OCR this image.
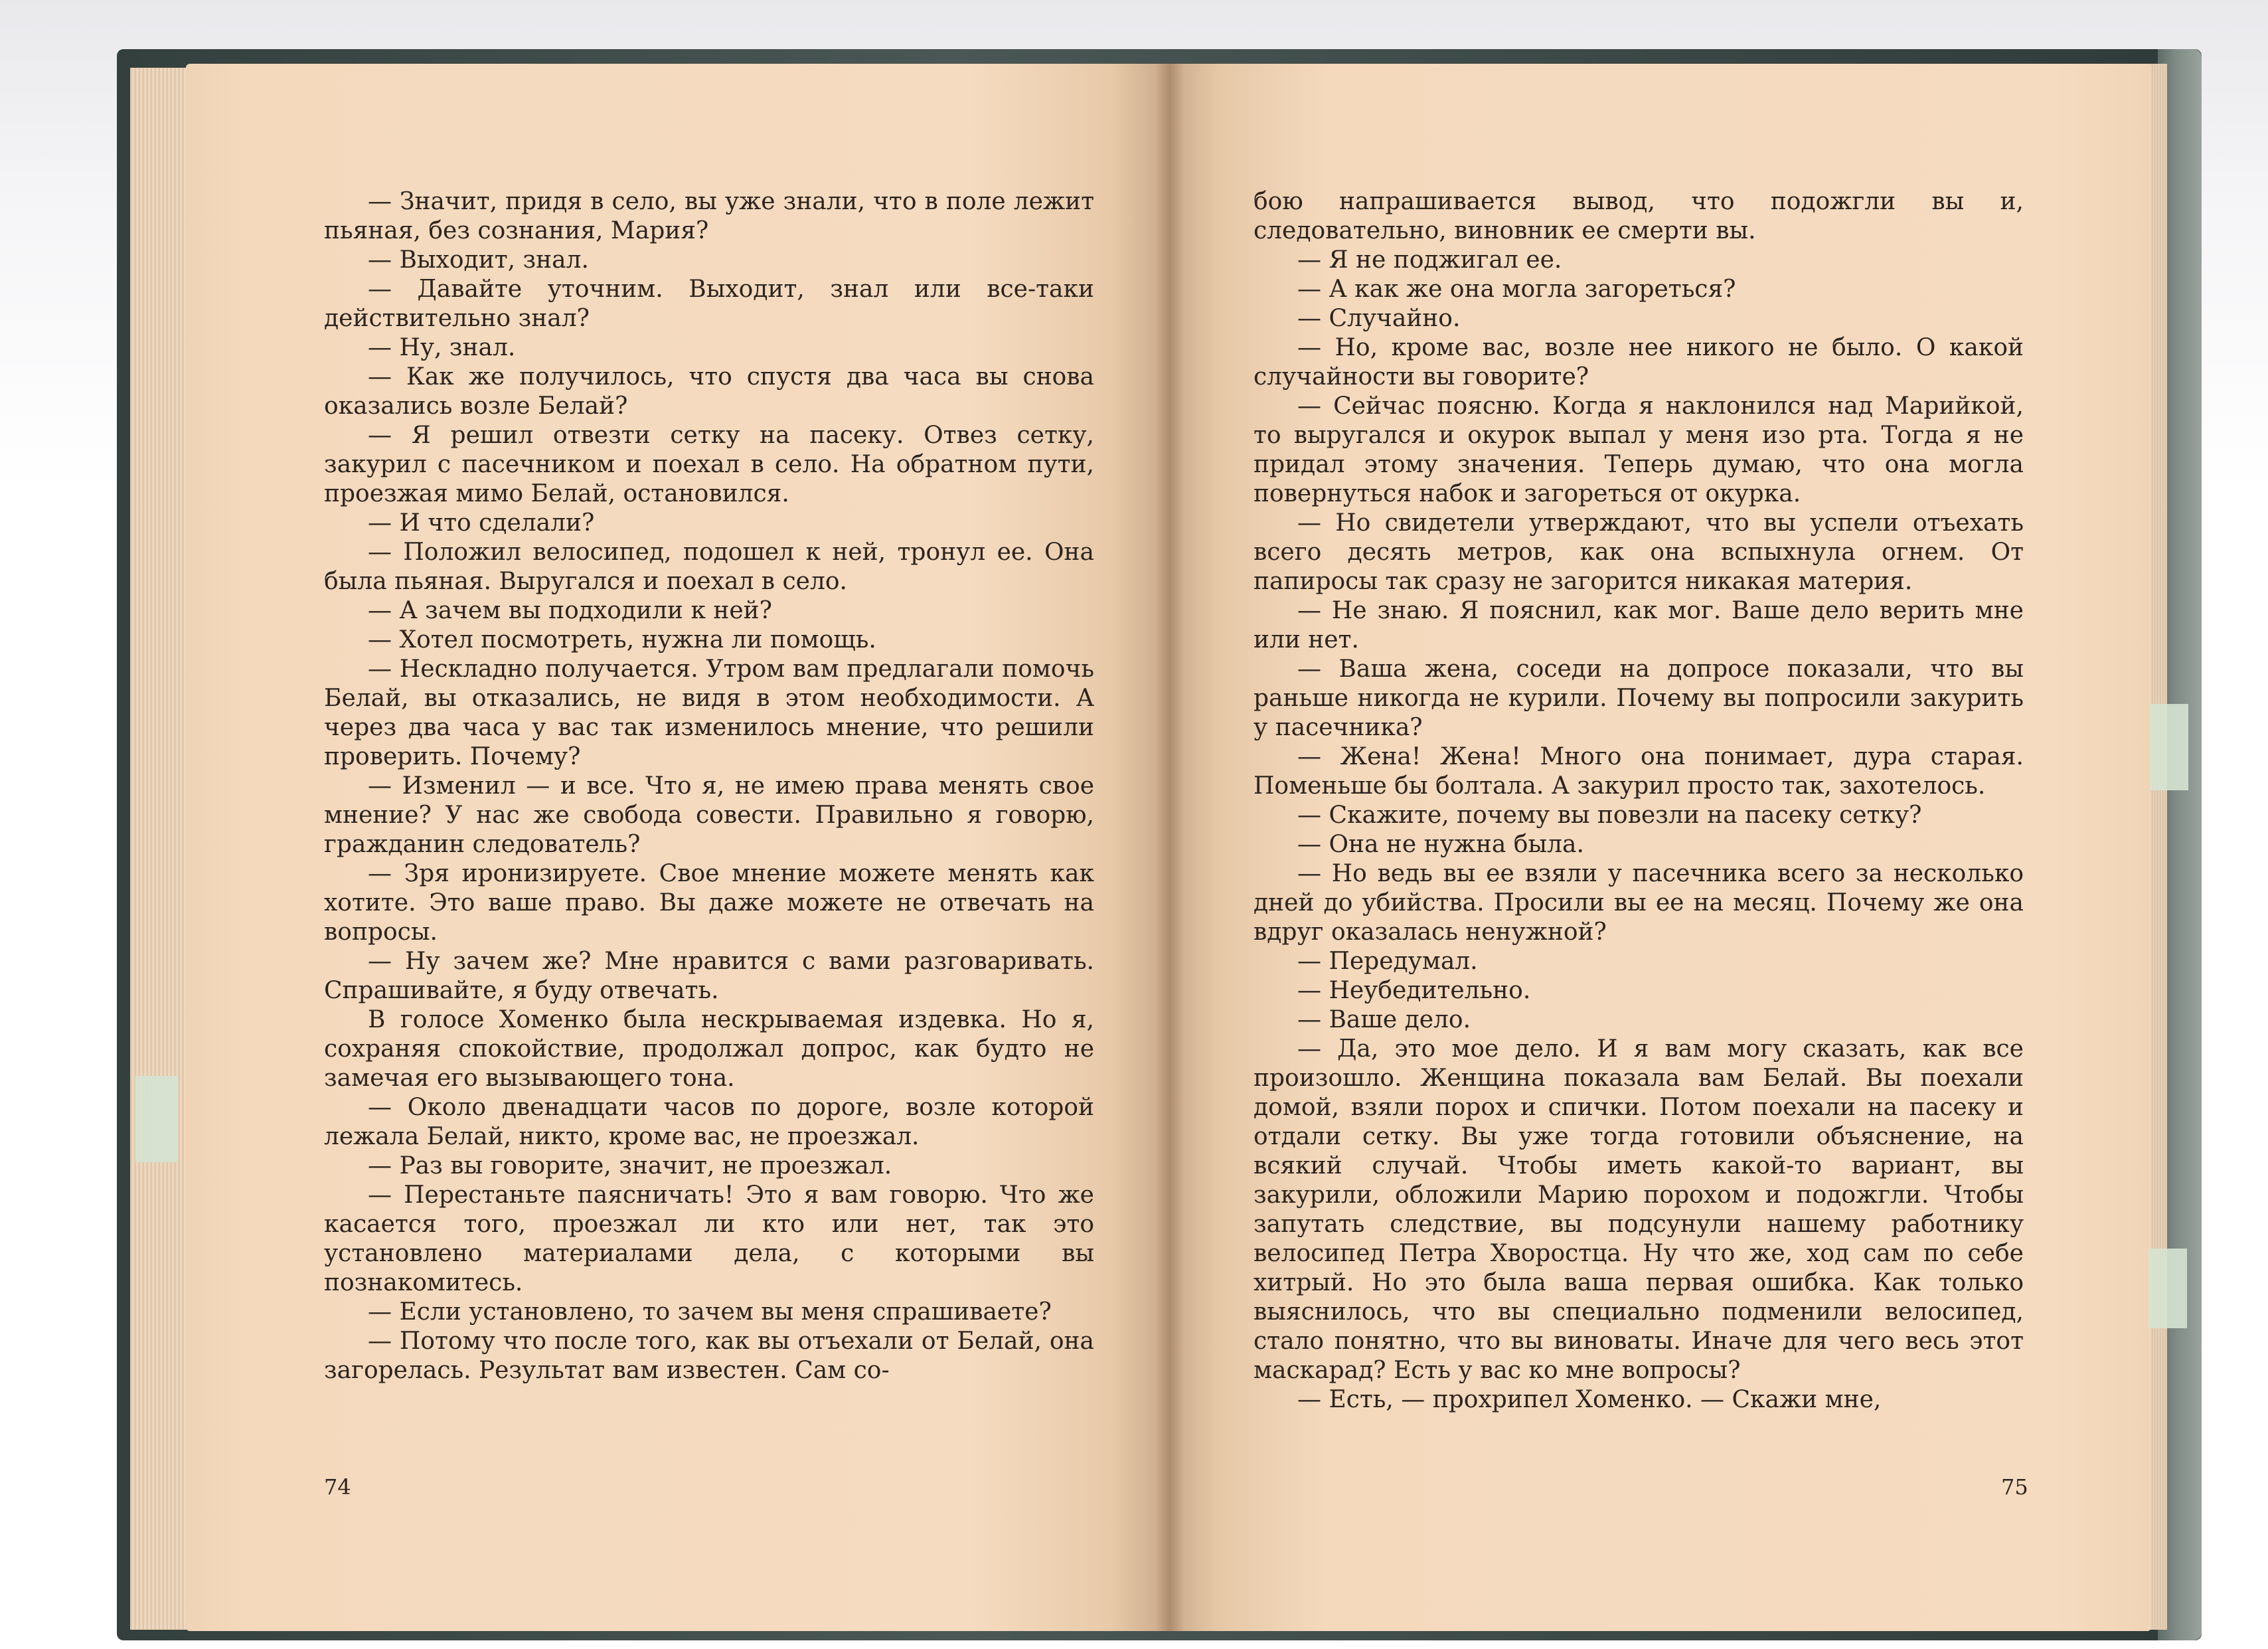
— Значит, придя в село, вы уже знали, что в поле лежит пьяная, без сознания, Мария?

— Выходит, знал.

— Давайте уточним. Выходит, знал или все-таки действительно знал?

— Ну, знал.

— Как же получилось, что спустя два часа вы снова оказались возле Белай?

— Я решил отвезти сетку на пасеку. Отвез сетку, закурил с пасечником и поехал в село. На обратном пути, проезжая мимо Белай, остановился.

— И что сделали?

— Положил велосипед, подошел к ней, тронул ее. Она была пьяная. Выругался и поехал в село.

— А зачем вы подходили к ней?

— Хотел посмотреть, нужна ли помощь.

— Нескладно получается. Утром вам предлагали помочь Белай, вы отказались, не видя в этом необходимости. А через два часа у вас так изменилось мнение, что решили проверить. Почему?

— Изменил — и все. Что я, не имею права менять свое мнение? У нас же свобода совести. Правильно я говорю, гражданин следователь?

— Зря иронизируете. Свое мнение можете менять как хотите. Это ваше право. Вы даже можете не отвечать на вопросы.

— Ну зачем же? Мне нравится с вами разговаривать. Спрашивайте, я буду отвечать.

В голосе Хоменко была нескрываемая издевка. Но я, сохраняя спокойствие, продолжал допрос, как будто не замечая его вызывающего тона.

— Около двенадцати часов по дороге, возле которой лежала Белай, никто, кроме вас, не проезжал.

— Раз вы говорите, значит, не проезжал.

— Перестаньте паясничать! Это я вам говорю. Что же касается того, проезжал ли кто или нет, так это установлено материалами дела, с которыми вы познакомитесь.

— Если установлено, то зачем вы меня спрашиваете?

— Потому что после того, как вы отъехали от Белай, она загорелась. Результат вам известен. Сам со-

бою напрашивается вывод, что подожгли вы и, следовательно, виновник ее смерти вы.

— Я не поджигал ее.

— А как же она могла загореться?

— Случайно.

— Но, кроме вас, возле нее никого не было. О какой случайности вы говорите?

— Сейчас поясню. Когда я наклонился над Марийкой, то выругался и окурок выпал у меня изо рта. Тогда я не придал этому значения. Теперь думаю, что она могла повернуться набок и загореться от окурка.

— Но свидетели утверждают, что вы успели отъехать всего десять метров, как она вспыхнула огнем. От папиросы так сразу не загорится никакая материя.

— Не знаю. Я пояснил, как мог. Ваше дело верить мне или нет.

— Ваша жена, соседи на допросе показали, что вы раньше никогда не курили. Почему вы попросили закурить у пасечника?

— Жена! Жена! Много она понимает, дура старая. Поменьше бы болтала. А закурил просто так, захотелось.

— Скажите, почему вы повезли на пасеку сетку?

— Она не нужна была.

— Но ведь вы ее взяли у пасечника всего за несколько дней до убийства. Просили вы ее на месяц. Почему же она вдруг оказалась ненужной?

— Передумал.

— Неубедительно.

— Ваше дело.

— Да, это мое дело. И я вам могу сказать, как все произошло. Женщина показала вам Белай. Вы поехали домой, взяли порох и спички. Потом поехали на пасеку и отдали сетку. Вы уже тогда готовили объяснение, на всякий случай. Чтобы иметь какой-то вариант, вы закурили, обложили Марию порохом и подожгли. Чтобы запутать следствие, вы подсунули нашему работнику велосипед Петра Хворостца. Ну что же, ход сам по себе хитрый. Но это была ваша первая ошибка. Как только выяснилось, что вы специально подменили велосипед, стало понятно, что вы виноваты. Иначе для чего весь этот маскарад? Есть у вас ко мне вопросы?

— Есть, — прохрипел Хоменко. — Скажи мне,

74	75
